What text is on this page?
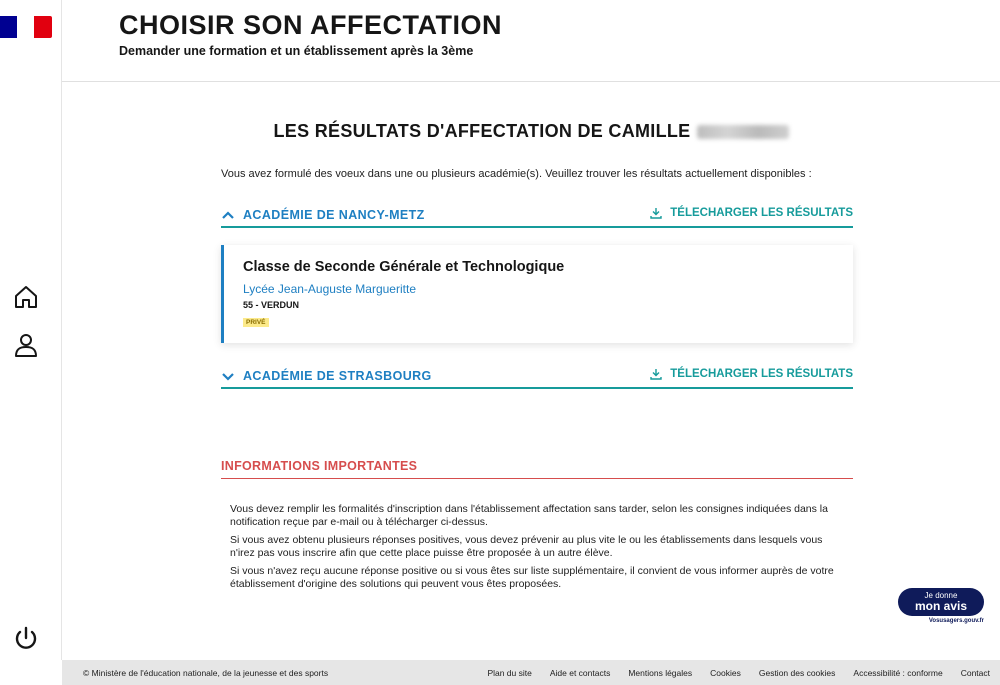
CHOISIR SON AFFECTATION
Demander une formation et un établissement après la 3ème
LES RÉSULTATS D'AFFECTATION DE CAMILLE
Vous avez formulé des voeux dans une ou plusieurs académie(s). Veuillez trouver les résultats actuellement disponibles :
ACADÉMIE DE NANCY-METZ	TÉLECHARGER LES RÉSULTATS
Classe de Seconde Générale et Technologique
Lycée Jean-Auguste Margueritte
55 - VERDUN
PRIVÉ
ACADÉMIE DE STRASBOURG	TÉLECHARGER LES RÉSULTATS
INFORMATIONS IMPORTANTES

Vous devez remplir les formalités d'inscription dans l'établissement affectation sans tarder, selon les consignes indiquées dans la notification reçue par e-mail ou à télécharger ci-dessus.

Si vous avez obtenu plusieurs réponses positives, vous devez prévenir au plus vite le ou les établissements dans lesquels vous n'irez pas vous inscrire afin que cette place puisse être proposée à un autre élève.

Si vous n'avez reçu aucune réponse positive ou si vous êtes sur liste supplémentaire, il convient de vous informer auprès de votre établissement d'origine des solutions qui peuvent vous êtes proposées.

Je donne
mon avis
Vosusagers.gouv.fr
© Ministère de l'éducation nationale, de la jeunesse et des sports	Plan du site Aide et contacts Mentions légales Cookies Gestion des cookies Accessibilité : conforme Contact
